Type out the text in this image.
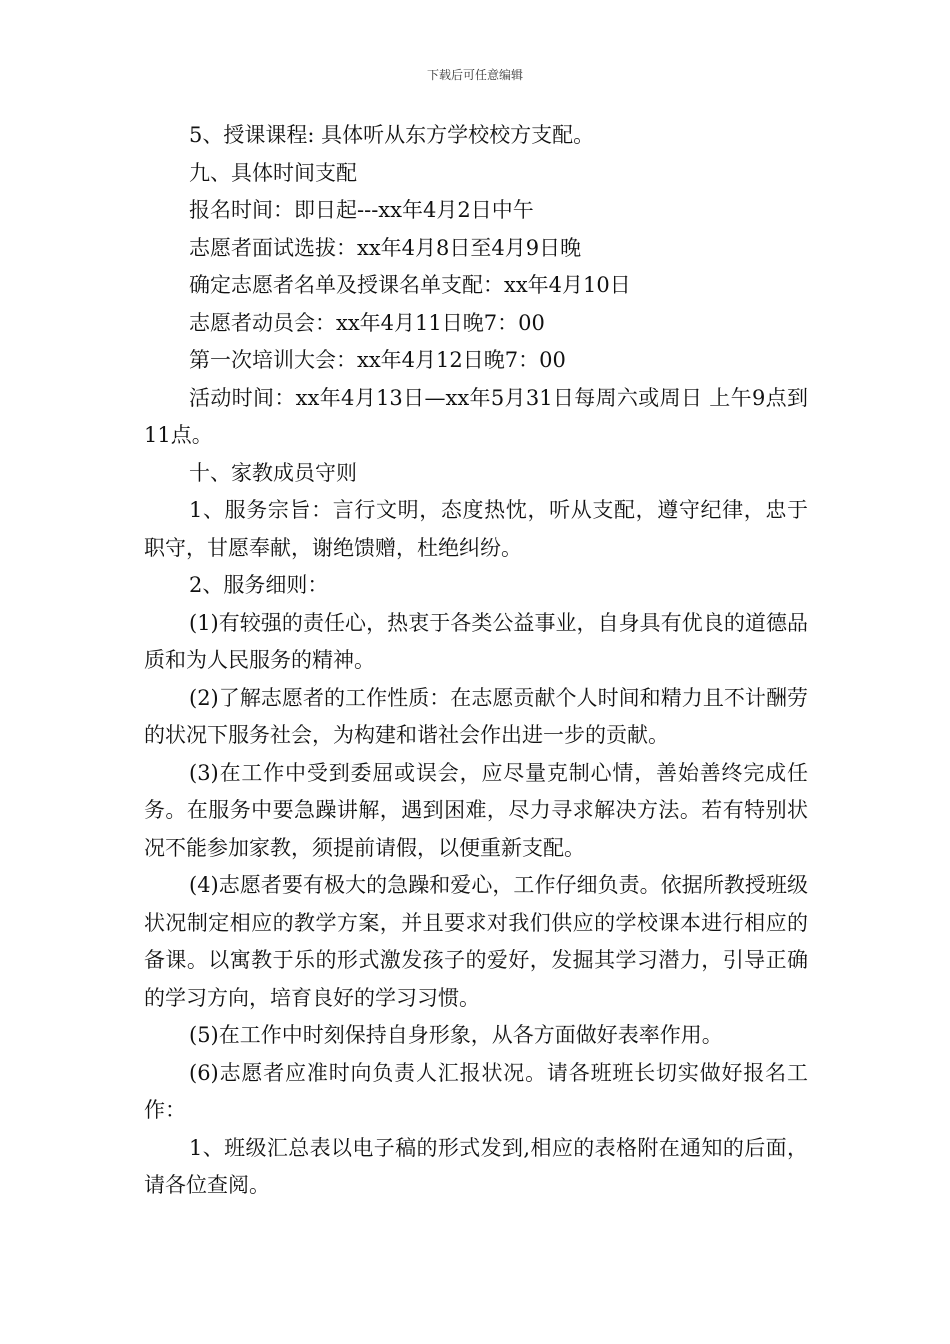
下载后可任意编辑

5、授课课程: 具体听从东方学校校方支配。

九、具体时间支配

报名时间：即日起---xx年4月2日中午

志愿者面试选拔：xx年4月8日至4月9日晚

确定志愿者名单及授课名单支配：xx年4月10日

志愿者动员会：xx年4月11日晚7：00

第一次培训大会：xx年4月12日晚7：00

活动时间：xx年4月13日—xx年5月31日每周六或周日 上午9点到11点。

十、家教成员守则

1、服务宗旨：言行文明，态度热忱，听从支配，遵守纪律，忠于职守，甘愿奉献，谢绝馈赠，杜绝纠纷。

2、服务细则：

(1)有较强的责任心，热衷于各类公益事业，自身具有优良的道德品质和为人民服务的精神。

(2)了解志愿者的工作性质：在志愿贡献个人时间和精力且不计酬劳的状况下服务社会，为构建和谐社会作出进一步的贡献。

(3)在工作中受到委屈或误会，应尽量克制心情，善始善终完成任务。在服务中要急躁讲解，遇到困难，尽力寻求解决方法。若有特别状况不能参加家教，须提前请假，以便重新支配。

(4)志愿者要有极大的急躁和爱心，工作仔细负责。依据所教授班级状况制定相应的教学方案，并且要求对我们供应的学校课本进行相应的备课。以寓教于乐的形式激发孩子的爱好，发掘其学习潜力，引导正确的学习方向，培育良好的学习习惯。

(5)在工作中时刻保持自身形象，从各方面做好表率作用。

(6)志愿者应准时向负责人汇报状况。请各班班长切实做好报名工作：

1、班级汇总表以电子稿的形式发到,相应的表格附在通知的后面，请各位查阅。
